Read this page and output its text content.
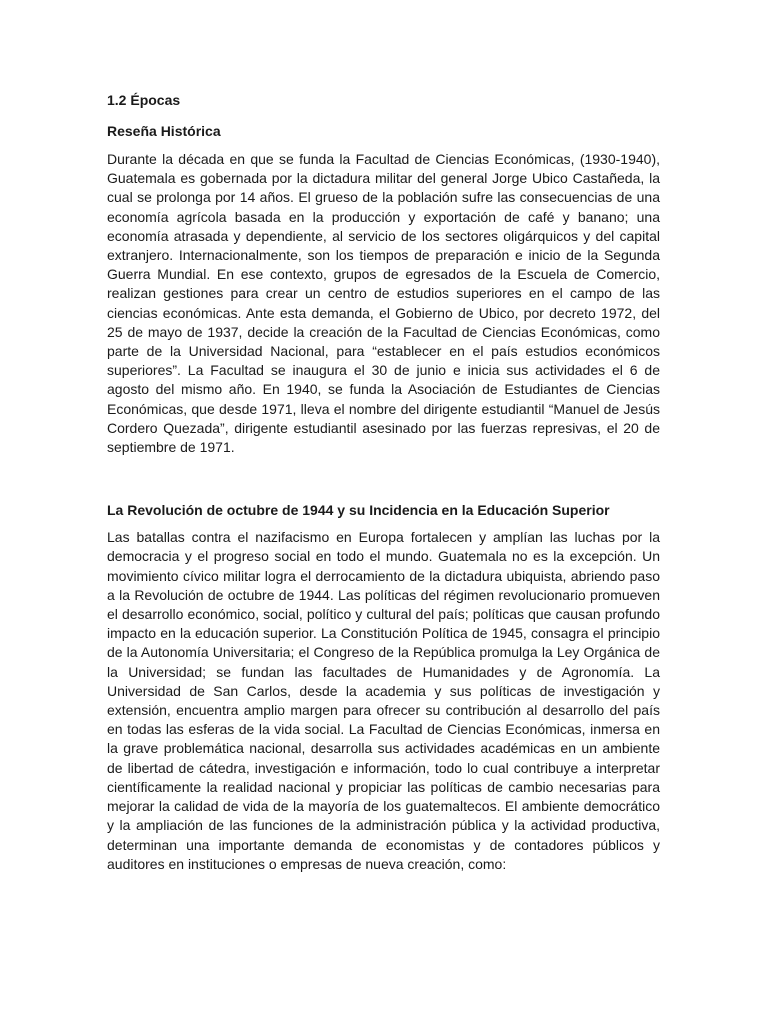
1.2 Épocas
Reseña Histórica

Durante la década en que se funda la Facultad de Ciencias Económicas, (1930-1940), Guatemala es gobernada por la dictadura militar del general Jorge Ubico Castañeda, la cual se prolonga por 14 años. El grueso de la población sufre las consecuencias de una economía agrícola basada en la producción y exportación de café y banano; una economía atrasada y dependiente, al servicio de los sectores oligárquicos y del capital extranjero. Internacionalmente, son los tiempos de preparación e inicio de la Segunda Guerra Mundial. En ese contexto, grupos de egresados de la Escuela de Comercio, realizan gestiones para crear un centro de estudios superiores en el campo de las ciencias económicas. Ante esta demanda, el Gobierno de Ubico, por decreto 1972, del 25 de mayo de 1937, decide la creación de la Facultad de Ciencias Económicas, como parte de la Universidad Nacional, para “establecer en el país estudios económicos superiores”. La Facultad se inaugura el 30 de junio e inicia sus actividades el 6 de agosto del mismo año. En 1940, se funda la Asociación de Estudiantes de Ciencias Económicas, que desde 1971, lleva el nombre del dirigente estudiantil “Manuel de Jesús Cordero Quezada”, dirigente estudiantil asesinado por las fuerzas represivas, el 20 de septiembre de 1971.

La Revolución de octubre de 1944 y su Incidencia en la Educación Superior

Las batallas contra el nazifacismo en Europa fortalecen y amplían las luchas por la democracia y el progreso social en todo el mundo. Guatemala no es la excepción. Un movimiento cívico militar logra el derrocamiento de la dictadura ubiquista, abriendo paso a la Revolución de octubre de 1944. Las políticas del régimen revolucionario promueven el desarrollo económico, social, político y cultural del país; políticas que causan profundo impacto en la educación superior. La Constitución Política de 1945, consagra el principio de la Autonomía Universitaria; el Congreso de la República promulga la Ley Orgánica de la Universidad; se fundan las facultades de Humanidades y de Agronomía. La Universidad de San Carlos, desde la academia y sus políticas de investigación y extensión, encuentra amplio margen para ofrecer su contribución al desarrollo del país en todas las esferas de la vida social. La Facultad de Ciencias Económicas, inmersa en la grave problemática nacional, desarrolla sus actividades académicas en un ambiente de libertad de cátedra, investigación e información, todo lo cual contribuye a interpretar científicamente la realidad nacional y propiciar las políticas de cambio necesarias para mejorar la calidad de vida de la mayoría de los guatemaltecos. El ambiente democrático y la ampliación de las funciones de la administración pública y la actividad productiva, determinan una importante demanda de economistas y de contadores públicos y auditores en instituciones o empresas de nueva creación, como:
